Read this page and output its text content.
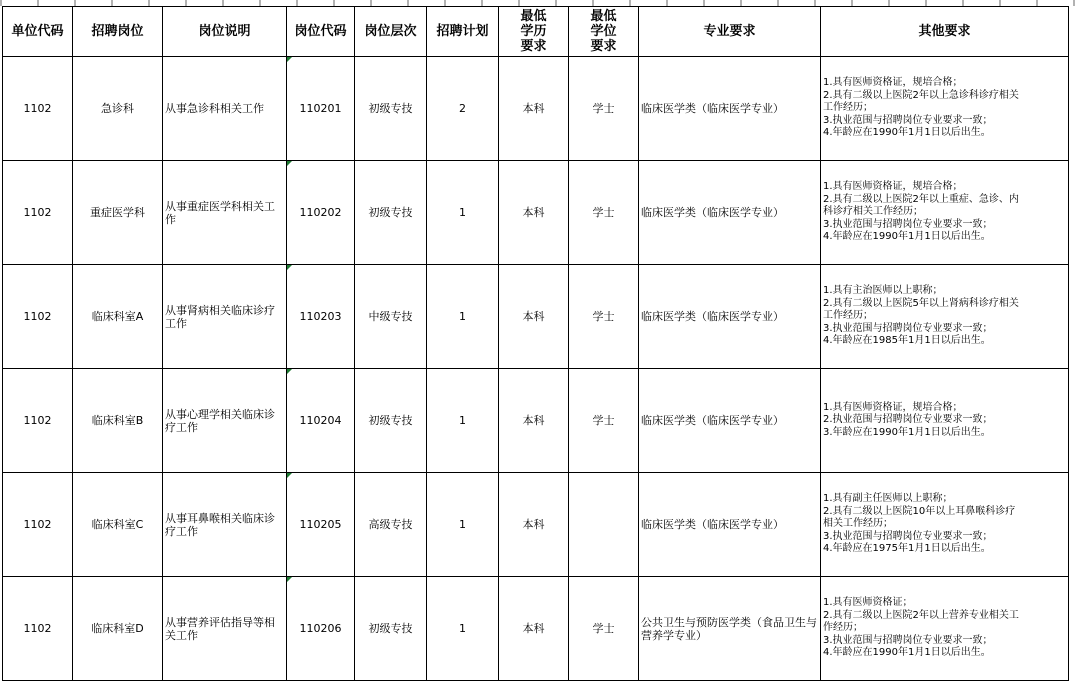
单位代码	招聘岗位	岗位说明	岗位代码	岗位层次	招聘计划	最低学历要求	最低学位要求	专业要求	其他要求
1102	急诊科	从事急诊科相关工作	110201	初级专技	2	本科	学士	临床医学类（临床医学专业）	1.具有医师资格证，规培合格；
2.具有二级以上医院2年以上急诊科诊疗相关
工作经历；
3.执业范围与招聘岗位专业要求一致；
4.年龄应在1990年1月1日以后出生。

1102	重症医学科	从事重症医学科相关工作	110202	初级专技	1	本科	学士	临床医学类（临床医学专业）	1.具有医师资格证，规培合格；
2.具有二级以上医院2年以上重症、急诊、内
科诊疗相关工作经历；
3.执业范围与招聘岗位专业要求一致；
4.年龄应在1990年1月1日以后出生。

1102	临床科室A	从事肾病相关临床诊疗工作	110203	中级专技	1	本科	学士	临床医学类（临床医学专业）	1.具有主治医师以上职称；
2.具有二级以上医院5年以上肾病科诊疗相关
工作经历；
3.执业范围与招聘岗位专业要求一致；
4.年龄应在1985年1月1日以后出生。

1102	临床科室B	从事心理学相关临床诊疗工作	110204	初级专技	1	本科	学士	临床医学类（临床医学专业）	1.具有医师资格证，规培合格；
2.执业范围与招聘岗位专业要求一致；
3.年龄应在1990年1月1日以后出生。

1102	临床科室C	从事耳鼻喉相关临床诊疗工作	110205	高级专技	1	本科		临床医学类（临床医学专业）	1.具有副主任医师以上职称；
2.具有二级以上医院10年以上耳鼻喉科诊疗
相关工作经历；
3.执业范围与招聘岗位专业要求一致；
4.年龄应在1975年1月1日以后出生。

1102	临床科室D	从事营养评估指导等相关工作	110206	初级专技	1	本科	学士	公共卫生与预防医学类（食品卫生与营养学专业）	1.具有医师资格证；
2.具有二级以上医院2年以上营养专业相关工
作经历；
3.执业范围与招聘岗位专业要求一致；
4.年龄应在1990年1月1日以后出生。
